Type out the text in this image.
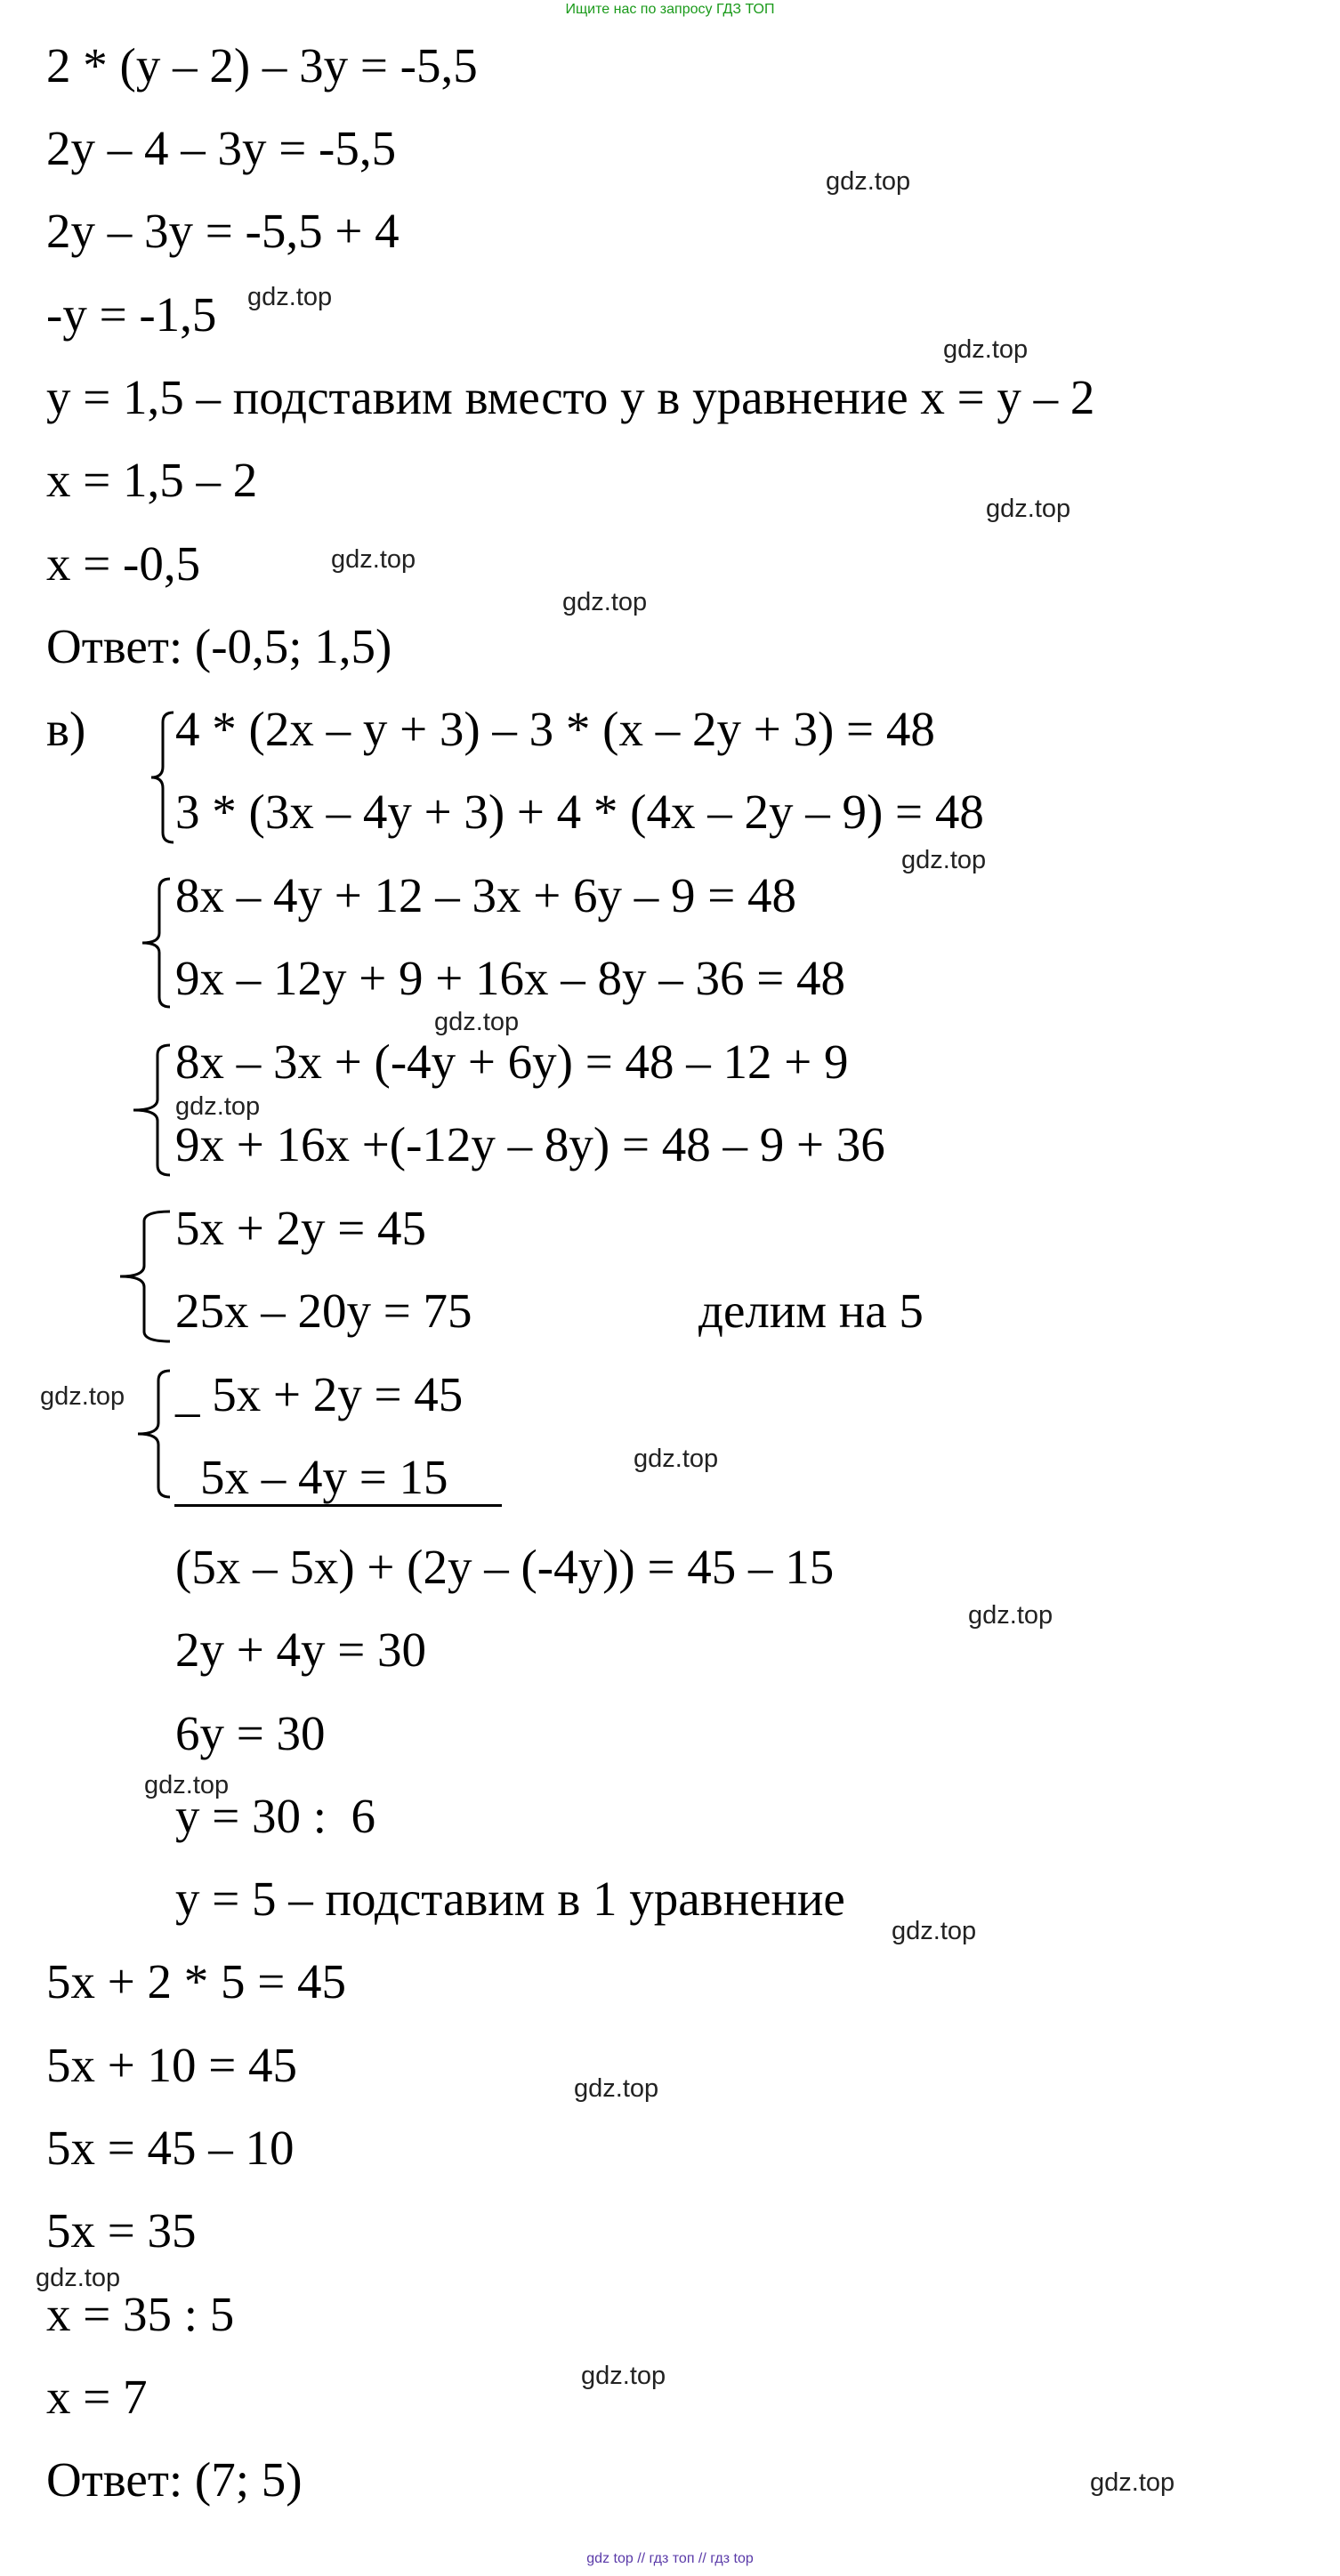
Ищите нас по запросу ГДЗ ТОП
2 * (y – 2) – 3y = -5,5
2y – 4 – 3y = -5,5
2y – 3y = -5,5 + 4
-y = -1,5
y = 1,5 – подставим вместо у в уравнение x = y – 2
x = 1,5 – 2
x = -0,5
Ответ: (-0,5; 1,5)
в) 4 * (2x – y + 3) – 3 * (x – 2y + 3) = 48
3 * (3x – 4y + 3) + 4 * (4x – 2y – 9) = 48
8x – 4y + 12 – 3x + 6y – 9 = 48
9x – 12y + 9 + 16x – 8y – 36 = 48
8x – 3x + (-4y + 6y) = 48 – 12 + 9
9x + 16x +(-12y – 8y) = 48 – 9 + 36
5x + 2y = 45
25x – 20y = 75	делим на 5
_ 5x + 2y = 45
5x – 4y = 15
(5x – 5x) + (2y – (-4y)) = 45 – 15
2y + 4y = 30
6y = 30
y = 30 :  6
y = 5 – подставим в 1 уравнение
5x + 2 * 5 = 45
5x + 10 = 45
5x = 45 – 10
5x = 35
x = 35 : 5
x = 7
Ответ: (7; 5)
gdz.top
gdz.top
gdz.top
gdz.top
gdz.top
gdz.top
gdz.top
gdz.top
gdz.top
gdz.top
gdz.top
gdz.top
gdz.top
gdz.top
gdz.top
gdz.top
gdz.top
gdz.top
gdz top // гдз топ // гдз top
